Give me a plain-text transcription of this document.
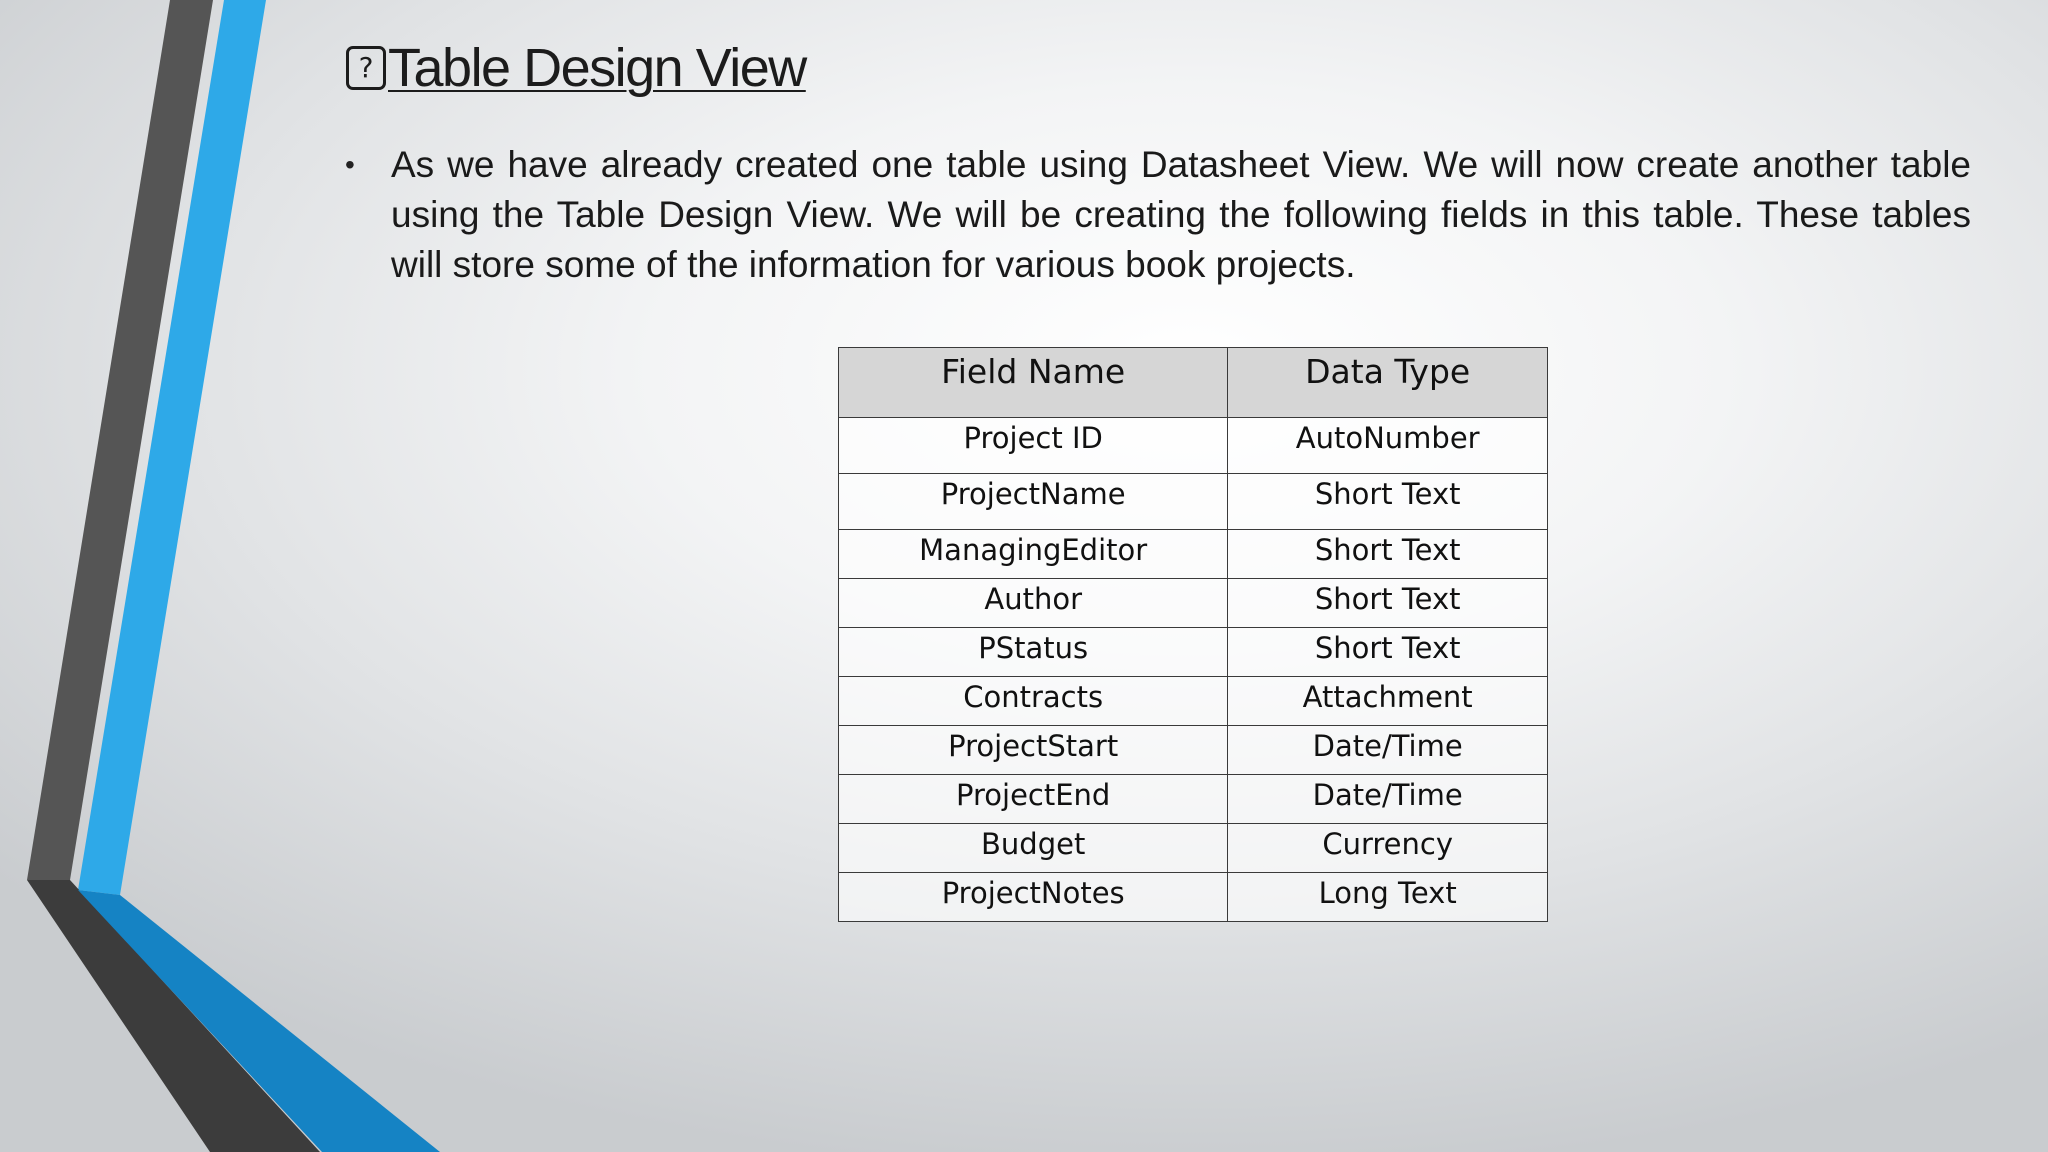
? Table Design View
• As we have already created one table using Datasheet View. We will now create another table using the Table Design View. We will be creating the following fields in this table. These tables will store some of the information for various book projects.

Field Name	Data Type
Project ID	AutoNumber
ProjectName	Short Text
ManagingEditor	Short Text
Author	Short Text
PStatus	Short Text
Contracts	Attachment
ProjectStart	Date/Time
ProjectEnd	Date/Time
Budget	Currency
ProjectNotes	Long Text
